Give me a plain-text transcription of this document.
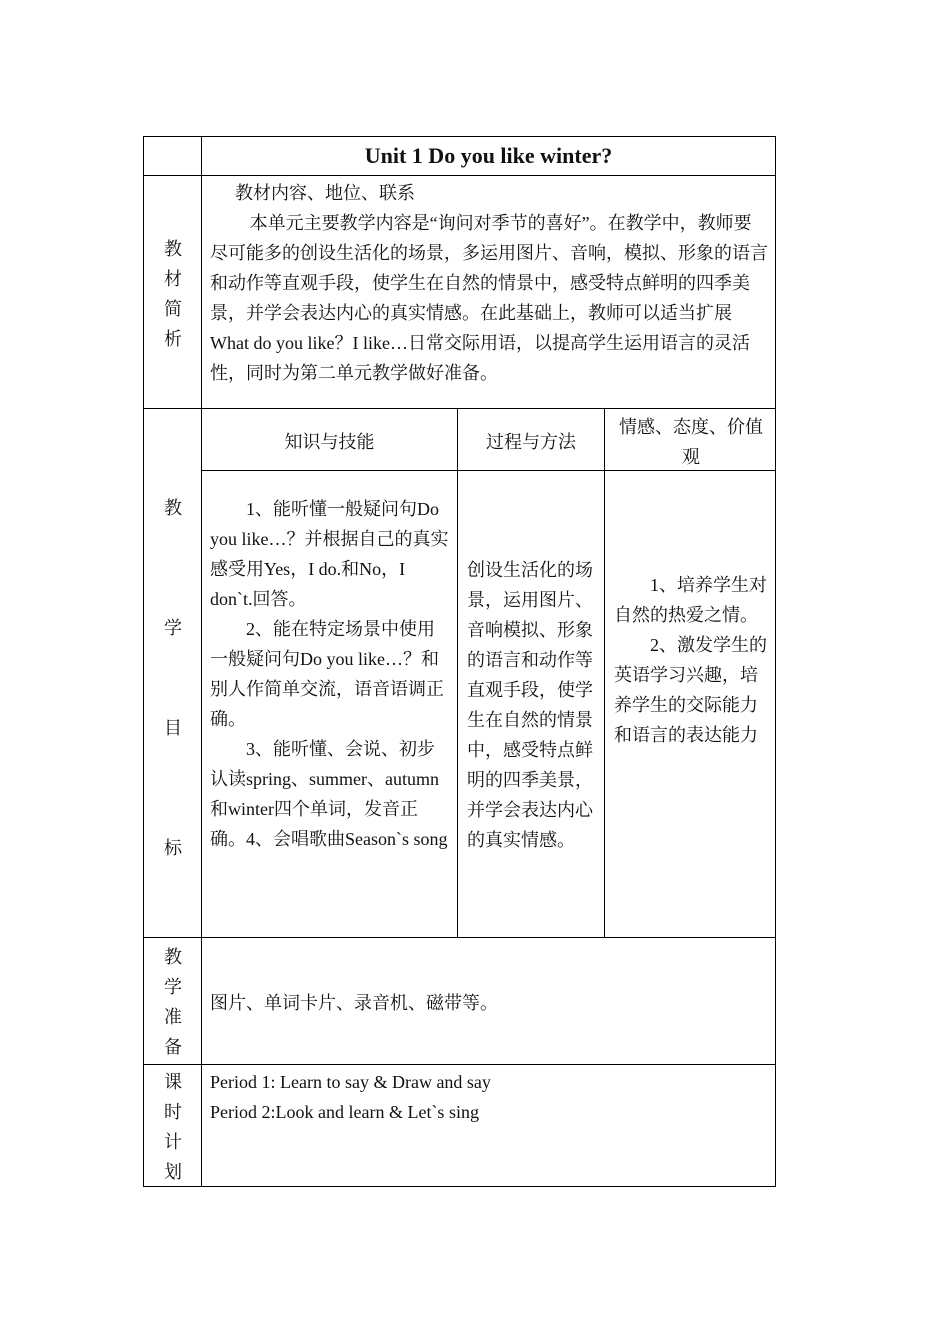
Unit 1 Do you like winter?
教
材
简
析
教材内容、地位、联系
本单元主要教学内容是“询问对季节的喜好”。在教学中，教师要尽可能多的创设生活化的场景，多运用图片、音响，模拟、形象的语言和动作等直观手段，使学生在自然的情景中，感受特点鲜明的四季美景，并学会表达内心的真实情感。在此基础上，教师可以适当扩展What do you like？I like…日常交际用语，以提高学生运用语言的灵活性，同时为第二单元教学做好准备。
教
学
目
标
知识与技能	过程与方法
情感、态度、价值观
1、能听懂一般疑问句Do you like…？并根据自己的真实感受用Yes，I do.和No，I don`t.回答。
2、能在特定场景中使用一般疑问句Do you like…？和别人作简单交流，语音语调正确。
3、能听懂、会说、初步认读spring、summer、autumn和winter四个单词，发音正确。4、会唱歌曲Season`s song
创设生活化的场景，运用图片、音响模拟、形象的语言和动作等直观手段，使学生在自然的情景中，感受特点鲜明的四季美景，并学会表达内心的真实情感。
1、培养学生对自然的热爱之情。
2、激发学生的英语学习兴趣，培养学生的交际能力和语言的表达能力
教
学
准
备
图片、单词卡片、录音机、磁带等。
课
时
计
划
Period 1: Learn to say & Draw and say
Period 2:Look and learn & Let`s sing
